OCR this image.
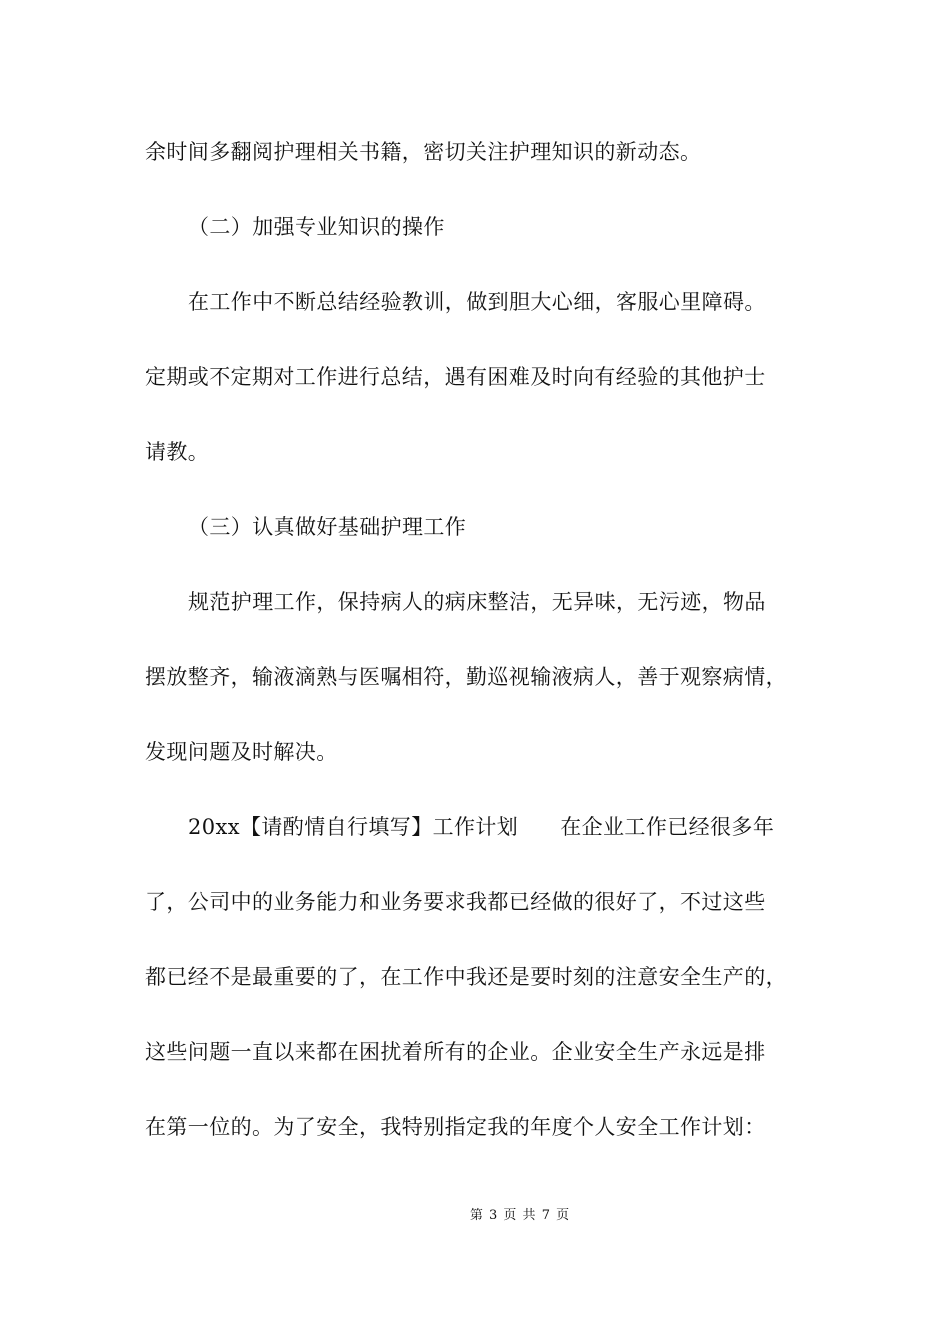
余时间多翻阅护理相关书籍，密切关注护理知识的新动态。
（二）加强专业知识的操作
在工作中不断总结经验教训，做到胆大心细，客服心里障碍。
定期或不定期对工作进行总结，遇有困难及时向有经验的其他护士
请教。
（三）认真做好基础护理工作
规范护理工作，保持病人的病床整洁，无异味，无污迹，物品
摆放整齐，输液滴熟与医嘱相符，勤巡视输液病人，善于观察病情，
发现问题及时解决。
20xx【请酌情自行填写】工作计划 在企业工作已经很多年
了，公司中的业务能力和业务要求我都已经做的很好了，不过这些
都已经不是最重要的了，在工作中我还是要时刻的注意安全生产的，
这些问题一直以来都在困扰着所有的企业。企业安全生产永远是排
在第一位的。为了安全，我特别指定我的年度个人安全工作计划：
第 3 页 共 7 页
